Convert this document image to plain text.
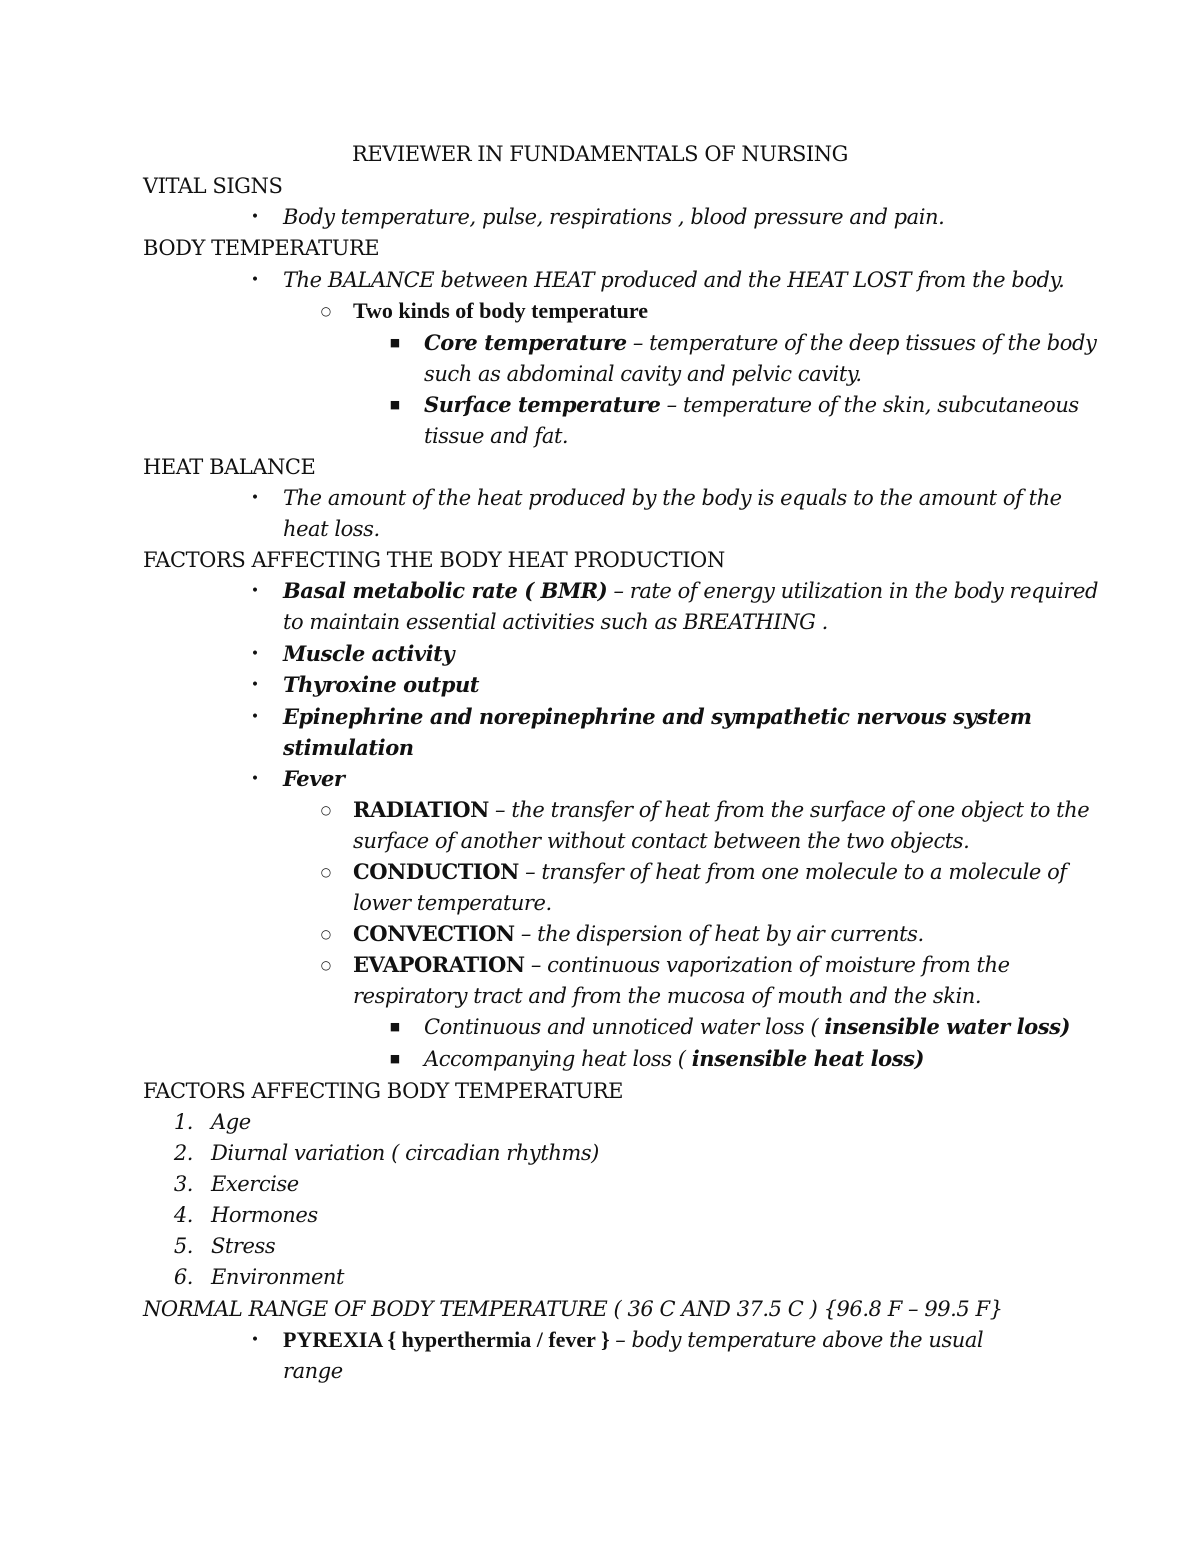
REVIEWER IN FUNDAMENTALS OF NURSING
VITAL SIGNS
• Body temperature, pulse, respirations , blood pressure and pain.
BODY TEMPERATURE
• The BALANCE between HEAT produced and the HEAT LOST from the body.
○ Two kinds of body temperature
■ Core temperature – temperature of the deep tissues of the body
such as abdominal cavity and pelvic cavity.
■ Surface temperature – temperature of the skin, subcutaneous
tissue and fat.
HEAT BALANCE
• The amount of the heat produced by the body is equals to the amount of the
heat loss.
FACTORS AFFECTING THE BODY HEAT PRODUCTION
• Basal metabolic rate ( BMR) – rate of energy utilization in the body required
to maintain essential activities such as BREATHING .
• Muscle activity
• Thyroxine output
• Epinephrine and norepinephrine and sympathetic nervous system
stimulation
• Fever
○ RADIATION – the transfer of heat from the surface of one object to the
surface of another without contact between the two objects.
○ CONDUCTION – transfer of heat from one molecule to a molecule of
lower temperature.
○ CONVECTION – the dispersion of heat by air currents.
○ EVAPORATION – continuous vaporization of moisture from the
respiratory tract and from the mucosa of mouth and the skin.
■ Continuous and unnoticed water loss ( insensible water loss)
■ Accompanying heat loss ( insensible heat loss)
FACTORS AFFECTING BODY TEMPERATURE
1. Age
2. Diurnal variation ( circadian rhythms)
3. Exercise
4. Hormones
5. Stress
6. Environment
NORMAL RANGE OF BODY TEMPERATURE ( 36 C AND 37.5 C ) {96.8 F – 99.5 F}
• PYREXIA { hyperthermia / fever } – body temperature above the usual
range
